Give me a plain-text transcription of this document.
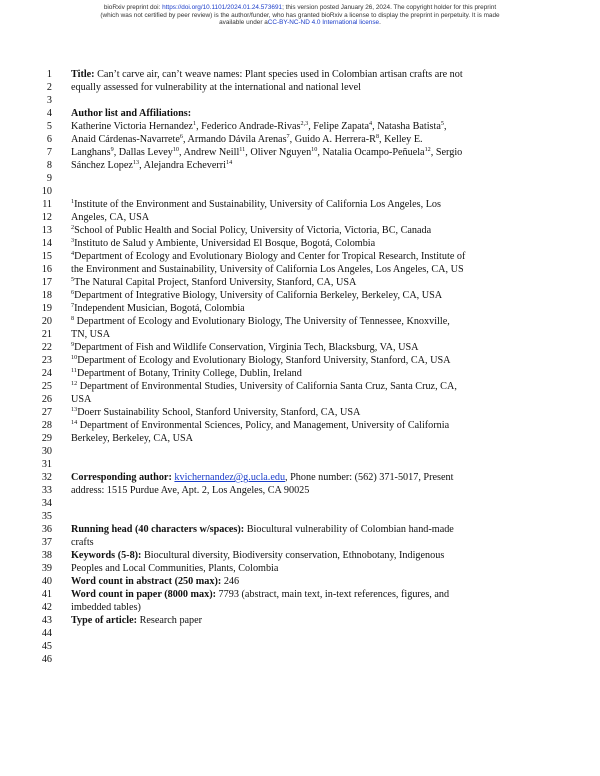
bioRxiv preprint doi: https://doi.org/10.1101/2024.01.24.573691; this version posted January 26, 2024. The copyright holder for this preprint
(which was not certified by peer review) is the author/funder, who has granted bioRxiv a license to display the preprint in perpetuity. It is made
available under aCC-BY-NC-ND 4.0 International license.
1 Title: Can’t carve air, can’t weave names: Plant species used in Colombian artisan crafts are not
2 equally assessed for vulnerability at the international and national level
3
4 Author list and Affiliations:
5 Katherine Victoria Hernandez$^1$, Federico Andrade-Rivas$^{2,3}$, Felipe Zapata$^4$, Natasha Batista$^5$,
6 Anaid Cárdenas-Navarrete$^6$, Armando Dávila Arenas$^7$, Guido A. Herrera-$R^8$, Kelley E.
7 Langhans$^9$, Dallas Levey$^{10}$, Andrew Neill$^{11}$, Oliver Nguyen$^{10}$, Natalia Ocampo-Peñuela$^{12}$, Sergio
8 Sánchez Lopez$^{13}$, Alejandra Echeverri$^{14}$
9
10
11	$^1$Institute of the Environment and Sustainability, University of California Los Angeles, Los
12 Angeles, CA, USA
13	$^2$School of Public Health and Social Policy, University of Victoria, Victoria, BC, Canada
14	$^3$Instituto de Salud y Ambiente, Universidad El Bosque, Bogotá, Colombia
15	$^4$Department of Ecology and Evolutionary Biology and Center for Tropical Research, Institute of
16 the Environment and Sustainability, University of California Los Angeles, Los Angeles, CA, US
17	$^5$The Natural Capital Project, Stanford University, Stanford, CA, USA
18	$^6$Department of Integrative Biology, University of California Berkeley, Berkeley, CA, USA
19	$^7$Independent Musician, Bogotá, Colombia
20	$^8$ Department of Ecology and Evolutionary Biology, The University of Tennessee, Knoxville,
21 TN, USA
22	$^9$Department of Fish and Wildlife Conservation, Virginia Tech, Blacksburg, VA, USA
23	$^{10}$Department of Ecology and Evolutionary Biology, Stanford University, Stanford, CA, USA
24	$^{11}$Department of Botany, Trinity College, Dublin, Ireland
25	$^{12}$ Department of Environmental Studies, University of California Santa Cruz, Santa Cruz, CA,
26 USA
27	$^{13}$Doerr Sustainability School, Stanford University, Stanford, CA, USA
28	$^{14}$ Department of Environmental Sciences, Policy, and Management, University of California
29 Berkeley, Berkeley, CA, USA
30
31
32 Corresponding author: kvichernandez@g.ucla.edu, Phone number: (562) 371-5017, Present
33 address: 1515 Purdue Ave, Apt. 2, Los Angeles, CA 90025
34
35
36 Running head (40 characters w/spaces): Biocultural vulnerability of Colombian hand-made
37 crafts
38 Keywords (5-8): Biocultural diversity, Biodiversity conservation, Ethnobotany, Indigenous
39 Peoples and Local Communities, Plants, Colombia
40 Word count in abstract (250 max): 246
41 Word count in paper (8000 max): 7793 (abstract, main text, in-text references, figures, and
42 imbedded tables)
43 Type of article: Research paper
44
45
46
